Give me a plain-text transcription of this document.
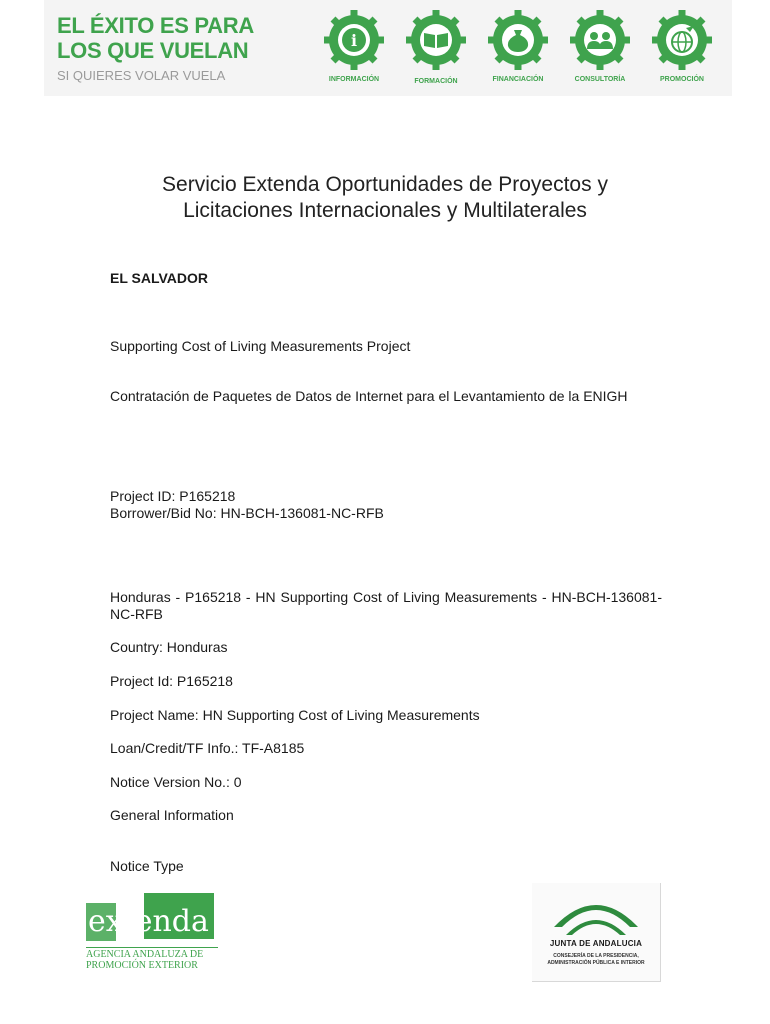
EL ÉXITO ES PARA
LOS QUE VUELAN
SI QUIERES VOLAR VUELA
i
INFORMACIÓN	FORMACIÓN	FINANCIACIÓN	CONSULTORÍA	PROMOCIÓN
Servicio Extenda Oportunidades de Proyectos y
Licitaciones Internacionales y Multilaterales
EL SALVADOR
Supporting Cost of Living Measurements Project
Contratación de Paquetes de Datos de Internet para el Levantamiento de la ENIGH
Project ID: P165218
Borrower/Bid No: HN-BCH-136081-NC-RFB
Honduras - P165218 - HN Supporting Cost of Living Measurements - HN-BCH-136081-NC-RFB
Country: Honduras
Project Id: P165218
Project Name: HN Supporting Cost of Living Measurements
Loan/Credit/TF Info.: TF-A8185
Notice Version No.: 0
General Information
Notice Type
extenda
AGENCIA ANDALUZA DE
PROMOCIÓN EXTERIOR
JUNTA DE ANDALUCIA
CONSEJERÍA DE LA PRESIDENCIA,
ADMINISTRACIÓN PÚBLICA E INTERIOR
